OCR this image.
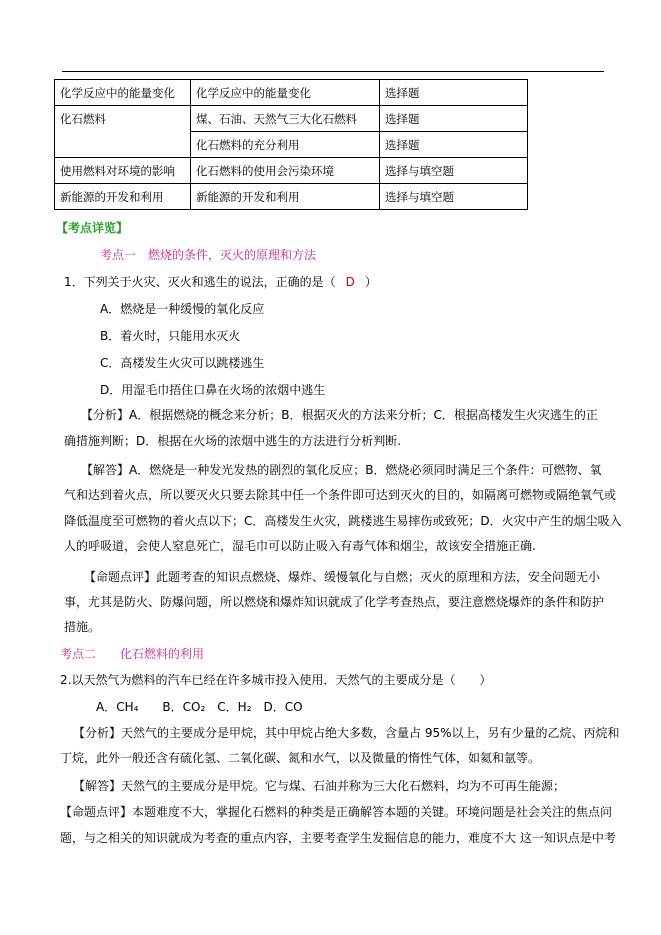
化学反应中的能量变化	化学反应中的能量变化	选择题
化石燃料	煤、石油、天然气三大化石燃料	选择题
	化石燃料的充分利用	选择题
使用燃料对环境的影响	化石燃料的使用会污染环境	选择与填空题
新能源的开发和利用	新能源的开发和利用	选择与填空题
【考点详览】
考点一　燃烧的条件，灭火的原理和方法
1．下列关于火灾、灭火和逃生的说法，正确的是（ D ）
A．燃烧是一种缓慢的氧化反应
B．着火时，只能用水灭火
C．高楼发生火灾可以跳楼逃生
D．用湿毛巾捂住口鼻在火场的浓烟中逃生
【分析】A．根据燃烧的概念来分析；B．根据灭火的方法来分析；C．根据高楼发生火灾逃生的正
确措施判断；D．根据在火场的浓烟中逃生的方法进行分析判断.
【解答】A．燃烧是一种发光发热的剧烈的氧化反应；B．燃烧必须同时满足三个条件：可燃物、氧
气和达到着火点，所以要灭火只要去除其中任一个条件即可达到灭火的目的，如隔离可燃物或隔绝氧气或
降低温度至可燃物的着火点以下；C．高楼发生火灾，跳楼逃生易摔伤或致死；D．火灾中产生的烟尘吸入
人的呼吸道，会使人窒息死亡，湿毛巾可以防止吸入有毒气体和烟尘，故该安全措施正确.
【命题点评】此题考查的知识点燃烧、爆炸、缓慢氧化与自燃；灭火的原理和方法，安全问题无小
事，尤其是防火、防爆问题，所以燃烧和爆炸知识就成了化学考查热点，要注意燃烧爆炸的条件和防护
措施。
考点二　　化石燃料的利用
2.以天然气为燃料的汽车已经在许多城市投入使用．天然气的主要成分是（　　）
A．CH₄　　B．CO₂　C．H₂　D．CO
【分析】天然气的主要成分是甲烷，其中甲烷占绝大多数，含量占 95%以上，另有少量的乙烷、丙烷和
丁烷，此外一般还含有硫化氢、二氧化碳、氮和水气，以及微量的惰性气体，如氦和氩等。
【解答】天然气的主要成分是甲烷。它与煤、石油并称为三大化石燃料，均为不可再生能源；
【命题点评】本题难度不大，掌握化石燃料的种类是正确解答本题的关键。环境问题是社会关注的焦点问
题，与之相关的知识就成为考查的重点内容，主要考查学生发掘信息的能力，难度不大 这一知识点是中考
